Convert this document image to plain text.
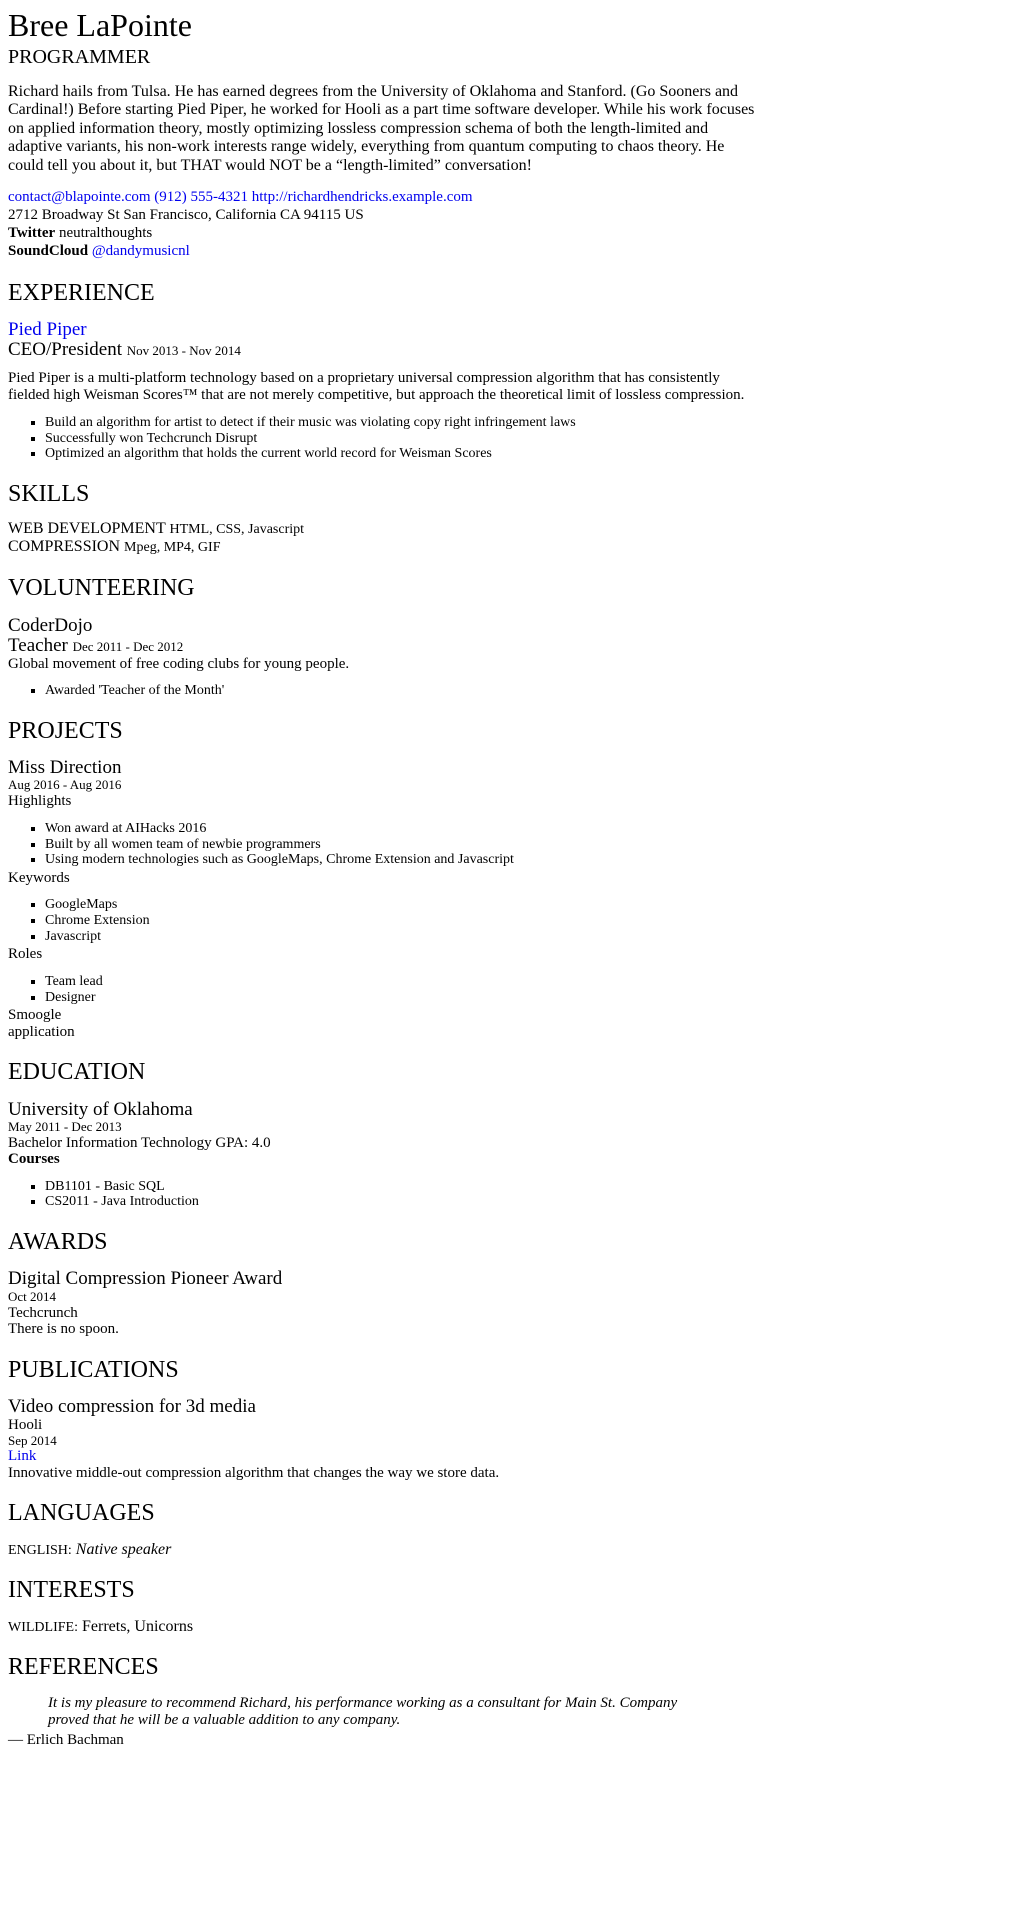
Bree LaPointe
PROGRAMMER

Richard hails from Tulsa. He has earned degrees from the University of Oklahoma and Stanford. (Go Sooners and Cardinal!) Before starting Pied Piper, he worked for Hooli as a part time software developer. While his work focuses on applied information theory, mostly optimizing lossless compression schema of both the length-limited and adaptive variants, his non-work interests range widely, everything from quantum computing to chaos theory. He could tell you about it, but THAT would NOT be a “length-limited” conversation!

contact@blapointe.com (912) 555-4321 http://richardhendricks.example.com
2712 Broadway St San Francisco, California CA 94115 US
Twitter neutralthoughts
SoundCloud @dandymusicnl
EXPERIENCE
Pied Piper
CEO/President Nov 2013 - Nov 2014

Pied Piper is a multi-platform technology based on a proprietary universal compression algorithm that has consistently fielded high Weisman Scores™ that are not merely competitive, but approach the theoretical limit of lossless compression.

▪ Build an algorithm for artist to detect if their music was violating copy right infringement laws
▪ Successfully won Techcrunch Disrupt
▪ Optimized an algorithm that holds the current world record for Weisman Scores
SKILLS
WEB DEVELOPMENT HTML, CSS, Javascript
COMPRESSION Mpeg, MP4, GIF
VOLUNTEERING
CoderDojo
Teacher Dec 2011 - Dec 2012
Global movement of free coding clubs for young people.
▪ Awarded 'Teacher of the Month'
PROJECTS
Miss Direction
Aug 2016 - Aug 2016
Highlights
▪ Won award at AIHacks 2016
▪ Built by all women team of newbie programmers
▪ Using modern technologies such as GoogleMaps, Chrome Extension and Javascript
Keywords
▪ GoogleMaps
▪ Chrome Extension
▪ Javascript
Roles
▪ Team lead
▪ Designer
Smoogle
application
EDUCATION
University of Oklahoma
May 2011 - Dec 2013
Bachelor Information Technology GPA: 4.0
Courses
▪ DB1101 - Basic SQL
▪ CS2011 - Java Introduction
AWARDS
Digital Compression Pioneer Award
Oct 2014
Techcrunch
There is no spoon.
PUBLICATIONS
Video compression for 3d media
Hooli
Sep 2014
Link
Innovative middle-out compression algorithm that changes the way we store data.
LANGUAGES
ENGLISH: Native speaker
INTERESTS
WILDLIFE: Ferrets, Unicorns
REFERENCES
It is my pleasure to recommend Richard, his performance working as a consultant for Main St. Company proved that he will be a valuable addition to any company.
— Erlich Bachman
